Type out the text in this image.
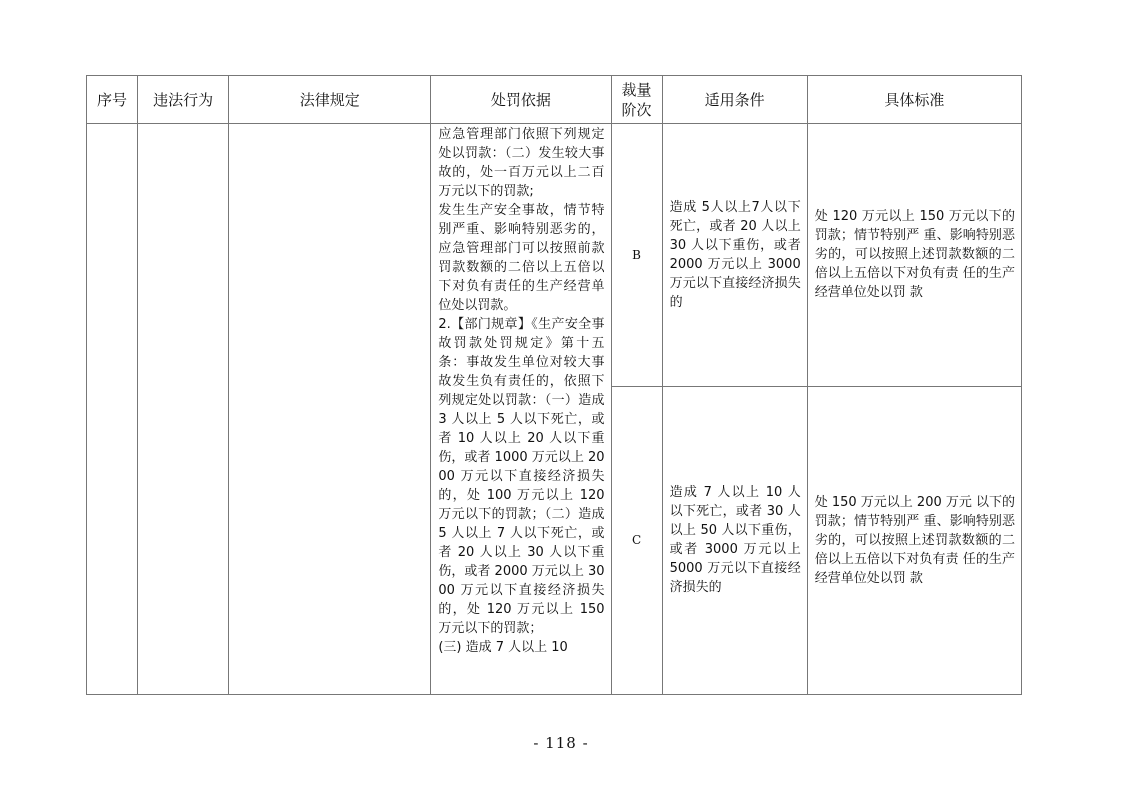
序号	违法行为	法律规定	处罚依据	裁量阶次	适用条件	具体标准

			应急管理部门依照下列规定处以罚款：（二）发生较大事故的，处一百万元以上二百万元以下的罚款;
发生生产安全事故，情节特别严重、影响特别恶劣的，应急管理部门可以按照前款罚款数额的二倍以上五倍以下对负有责任的生产经营单位处以罚款。
2.【部门规章】《生产安全事故罚款处罚规定》第十五条：事故发生单位对较大事故发生负有责任的，依照下列规定处以罚款：（一）造成 3 人以上 5 人以下死亡，或者 10 人以上 20 人以下重伤，或者 1000 万元以上 2000 万元以下直接经济损失的，处 100 万元以上 120 万元以下的罚款；（二）造成 5 人以上 7 人以下死亡，或者 20 人以上 30 人以下重伤，或者 2000 万元以上 3000 万元以下直接经济损失的，处 120 万元以上 150 万元以下的罚款；
(三) 造成 7 人以上 10	B	造成 5人以上7人以下死亡，或者 20 人以上 30 人以下重伤，或者 2000 万元以上 3000 万元以下直接经济损失的	处 120 万元以上 150 万元以下的罚款；情节特别严 重、影响特别恶劣的，可以按照上述罚款数额的二 倍以上五倍以下对负有责 任的生产经营单位处以罚 款
				C	造成 7 人以上 10 人以下死亡，或者 30 人以上 50 人以下重伤，或者 3000 万元以上 5000 万元以下直接经济损失的	处 150 万元以上 200 万元 以下的罚款；情节特别严 重、影响特别恶劣的，可以按照上述罚款数额的二 倍以上五倍以下对负有责 任的生产经营单位处以罚 款
- 118 -
